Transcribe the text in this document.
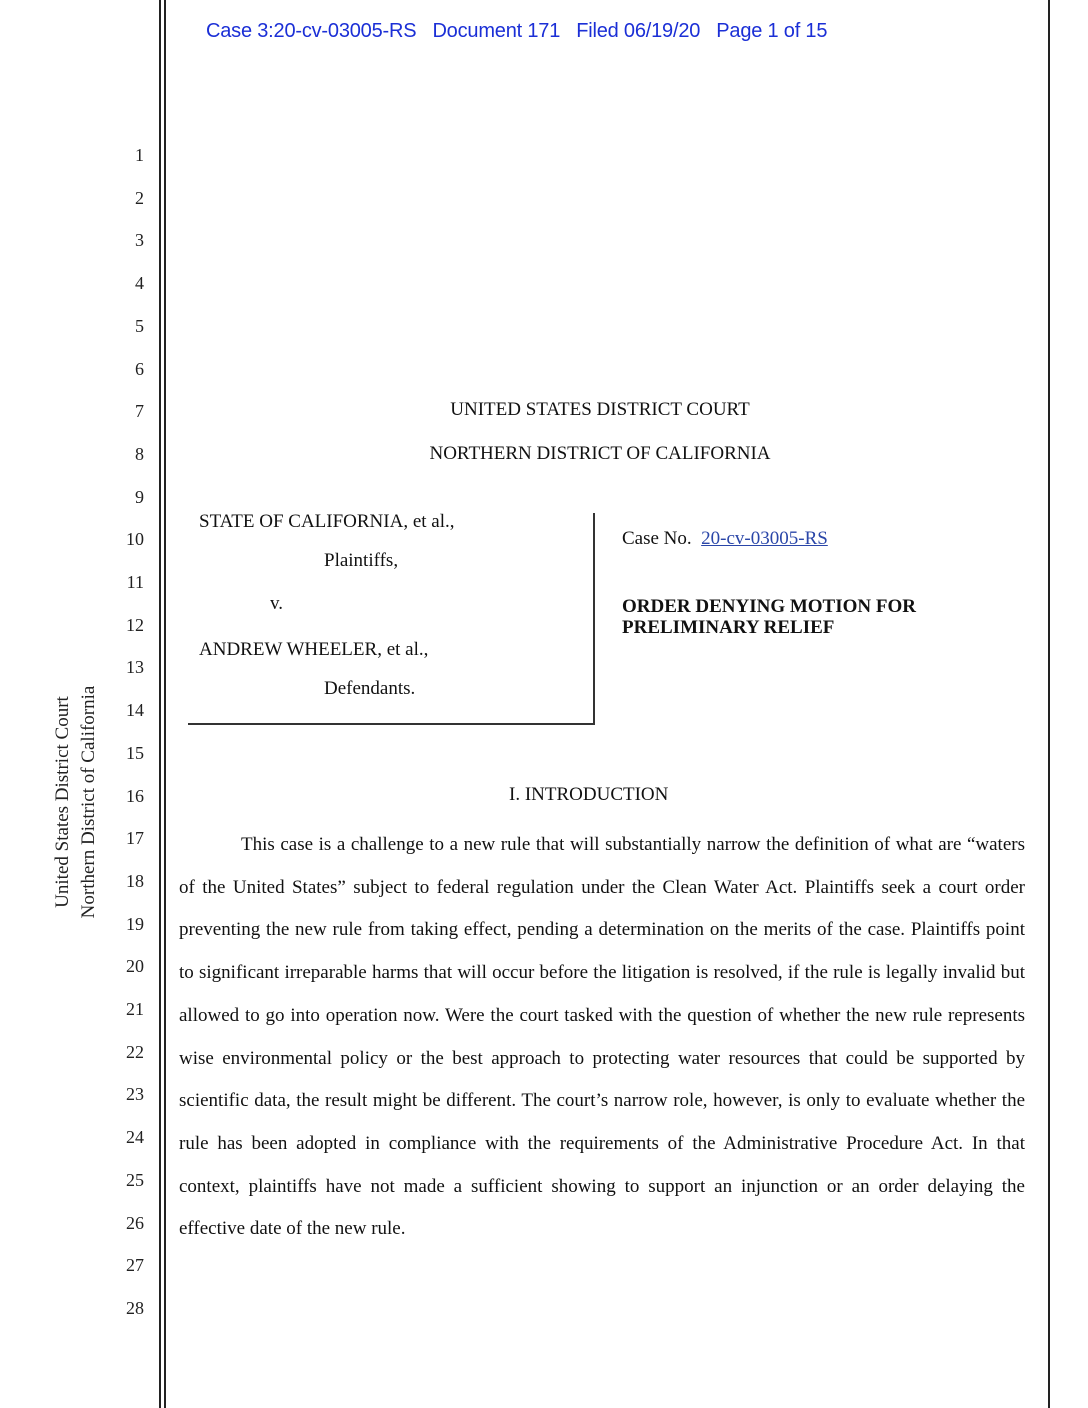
Case 3:20-cv-03005-RS Document 171 Filed 06/19/20 Page 1 of 15
United States District Court Northern District of California
1
2
3
4
5
6
7
8
9
10
11
12
13
14
15
16
17
18
19
20
21
22
23
24
25
26
27
28
UNITED STATES DISTRICT COURT
NORTHERN DISTRICT OF CALIFORNIA
STATE OF CALIFORNIA, et al.,
Plaintiffs,
v.
ANDREW WHEELER, et al.,
Defendants.
Case No. 20-cv-03005-RS
ORDER DENYING MOTION FOR
PRELIMINARY RELIEF
I. INTRODUCTION

This case is a challenge to a new rule that will substantially narrow the definition of what are “waters of the United States” subject to federal regulation under the Clean Water Act. Plaintiffs seek a court order preventing the new rule from taking effect, pending a determination on the merits of the case. Plaintiffs point to significant irreparable harms that will occur before the litigation is resolved, if the rule is legally invalid but allowed to go into operation now. Were the court tasked with the question of whether the new rule represents wise environmental policy or the best approach to protecting water resources that could be supported by scientific data, the result might be different. The court’s narrow role, however, is only to evaluate whether the rule has been adopted in compliance with the requirements of the Administrative Procedure Act. In that context, plaintiffs have not made a sufficient showing to support an injunction or an order delaying the effective date of the new rule.
